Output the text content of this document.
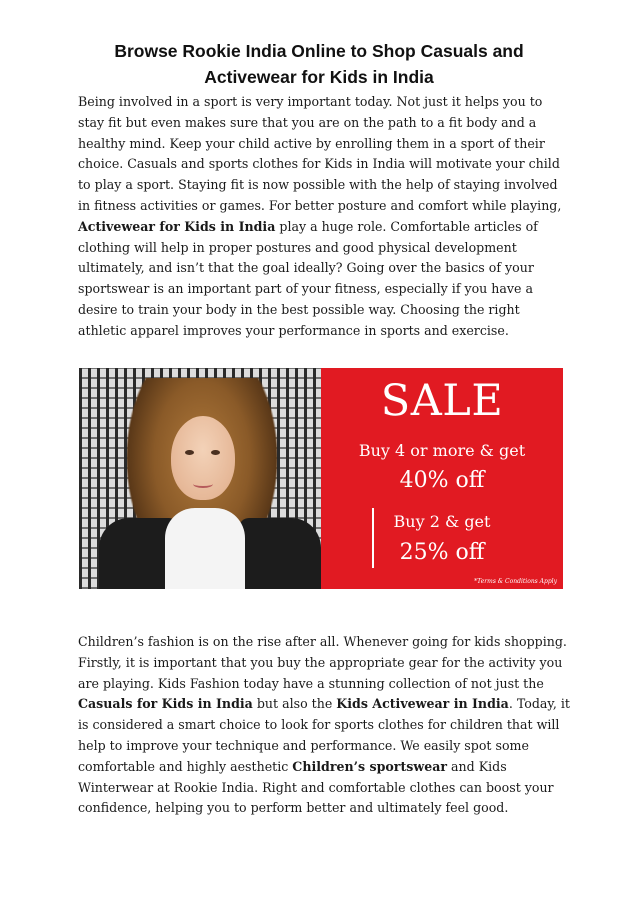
Browse Rookie India Online to Shop Casuals and
Activewear for Kids in India
Being involved in a sport is very important today. Not just it helps you to
stay fit but even makes sure that you are on the path to a fit body and a
healthy mind. Keep your child active by enrolling them in a sport of their
choice. Casuals and sports clothes for Kids in India will motivate your child
to play a sport. Staying fit is now possible with the help of staying involved
in fitness activities or games. For better posture and comfort while playing,
Activewear for Kids in India play a huge role. Comfortable articles of
clothing will help in proper postures and good physical development
ultimately, and isn’t that the goal ideally? Going over the basics of your
sportswear is an important part of your fitness, especially if you have a
desire to train your body in the best possible way. Choosing the right
athletic apparel improves your performance in sports and exercise.
SALE
Buy 4 or more & get
40% off
Buy 2 & get
25% off
*Terms & Conditions Apply
Children’s fashion is on the rise after all. Whenever going for kids shopping.
Firstly, it is important that you buy the appropriate gear for the activity you
are playing. Kids Fashion today have a stunning collection of not just the
Casuals for Kids in India but also the Kids Activewear in India. Today, it
is considered a smart choice to look for sports clothes for children that will
help to improve your technique and performance. We easily spot some
comfortable and highly aesthetic Children’s sportswear and Kids
Winterwear at Rookie India. Right and comfortable clothes can boost your
confidence, helping you to perform better and ultimately feel good.
